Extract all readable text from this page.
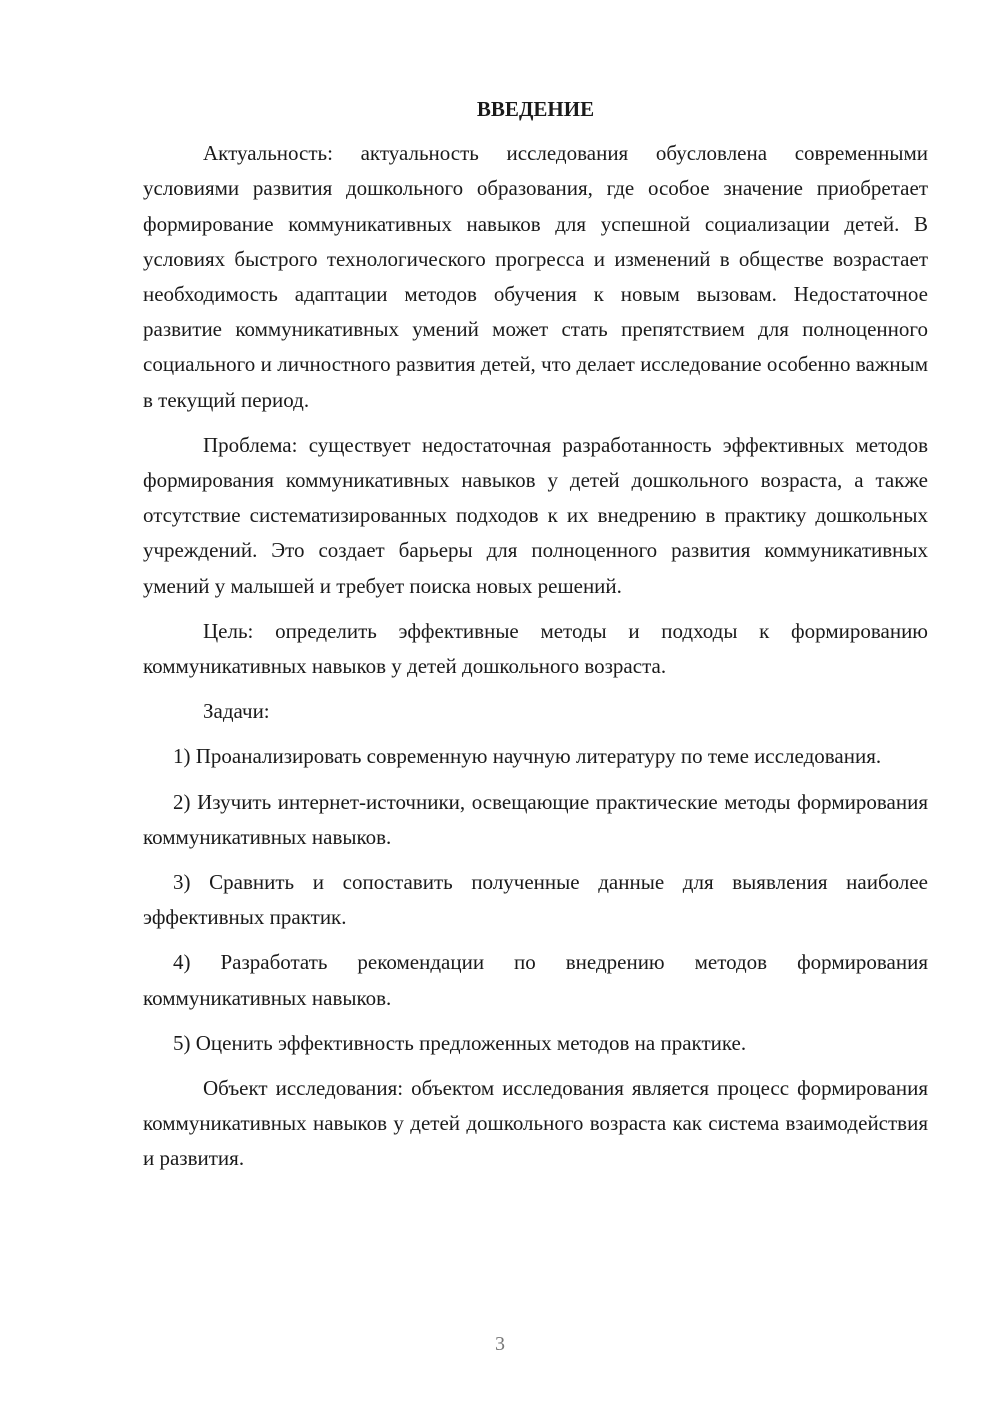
ВВЕДЕНИЕ

Актуальность: актуальность исследования обусловлена современными условиями развития дошкольного образования, где особое значение приобретает формирование коммуникативных навыков для успешной социализации детей. В условиях быстрого технологического прогресса и изменений в обществе возрастает необходимость адаптации методов обучения к новым вызовам. Недостаточное развитие коммуникативных умений может стать препятствием для полноценного социального и личностного развития детей, что делает исследование особенно важным в текущий период.

Проблема: существует недостаточная разработанность эффективных методов формирования коммуникативных навыков у детей дошкольного возраста, а также отсутствие систематизированных подходов к их внедрению в практику дошкольных учреждений. Это создает барьеры для полноценного развития коммуникативных умений у малышей и требует поиска новых решений.

Цель: определить эффективные методы и подходы к формированию коммуникативных навыков у детей дошкольного возраста.

Задачи:

1) Проанализировать современную научную литературу по теме исследования.

2) Изучить интернет-источники, освещающие практические методы формирования коммуникативных навыков.

3) Сравнить и сопоставить полученные данные для выявления наиболее эффективных практик.

4) Разработать рекомендации по внедрению методов формирования коммуникативных навыков.

5) Оценить эффективность предложенных методов на практике.

Объект исследования: объектом исследования является процесс формирования коммуникативных навыков у детей дошкольного возраста как система взаимодействия и развития.

3
